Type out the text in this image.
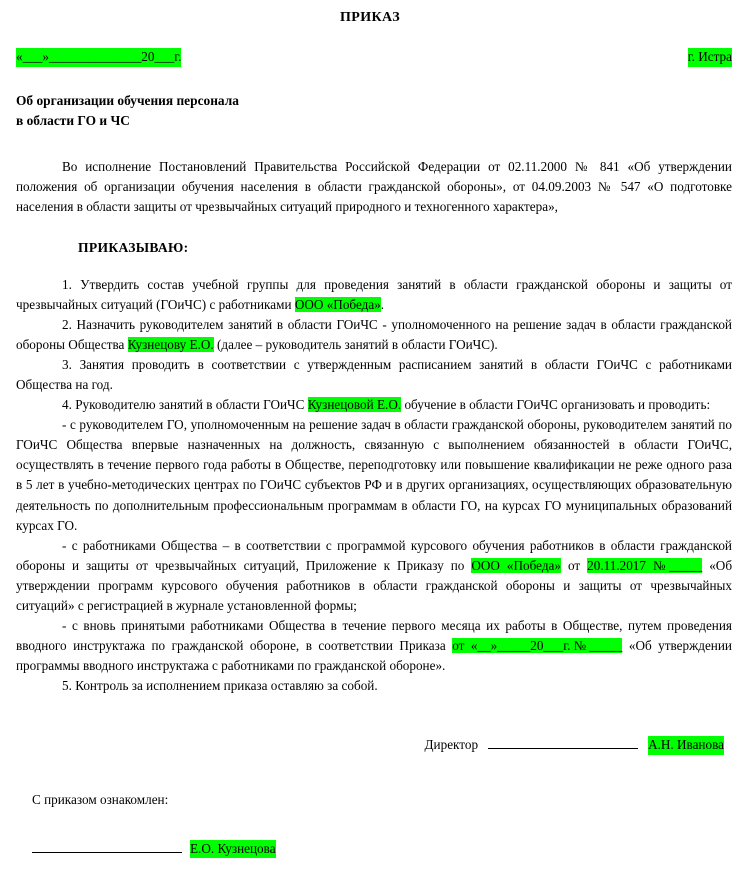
ПРИКАЗ
«___»______________20___г.	г. Истра
Об организации обучения персонала
в области ГО и ЧС

Во исполнение Постановлений Правительства Российской Федерации от 02.11.2000 № 841 «Об утверждении положения об организации обучения населения в области гражданской обороны», от 04.09.2003 № 547 «О подготовке населения в области защиты от чрезвычайных ситуаций природного и техногенного характера»,

ПРИКАЗЫВАЮ:

1. Утвердить состав учебной группы для проведения занятий в области гражданской обороны и защиты от чрезвычайных ситуаций (ГОиЧС) с работниками ООО «Победа».

2. Назначить руководителем занятий в области ГОиЧС - уполномоченного на решение задач в области гражданской обороны Общества Кузнецову Е.О. (далее – руководитель занятий в области ГОиЧС).

3. Занятия проводить в соответствии с утвержденным расписанием занятий в области ГОиЧС с работниками Общества на год.

4. Руководителю занятий в области ГОиЧС Кузнецовой Е.О. обучение в области ГОиЧС организовать и проводить:

- с руководителем ГО, уполномоченным на решение задач в области гражданской обороны, руководителем занятий по ГОиЧС Общества впервые назначенных на должность, связанную с выполнением обязанностей в области ГОиЧС, осуществлять в течение первого года работы в Обществе, переподготовку или повышение квалификации не реже одного раза в 5 лет в учебно-методических центрах по ГОиЧС субъектов РФ и в других организациях, осуществляющих образовательную деятельность по дополнительным профессиональным программам в области ГО, на курсах ГО муниципальных образований курсах ГО.

- с работниками Общества – в соответствии с программой курсового обучения работников в области гражданской обороны и защиты от чрезвычайных ситуаций, Приложение к Приказу по ООО «Победа» от 20.11.2017 №_____ «Об утверждении программ курсового обучения работников в области гражданской обороны и защиты от чрезвычайных ситуаций» с регистрацией в журнале установленной формы;

- с вновь принятыми работниками Общества в течение первого месяца их работы в Обществе, путем проведения вводного инструктажа по гражданской обороне, в соответствии Приказа от «__»_____20___г.№_____ «Об утверждении программы вводного инструктажа с работниками по гражданской обороне».

5. Контроль за исполнением приказа оставляю за собой.

Директор	А.Н. Иванова
С приказом ознакомлен:
Е.О. Кузнецова
